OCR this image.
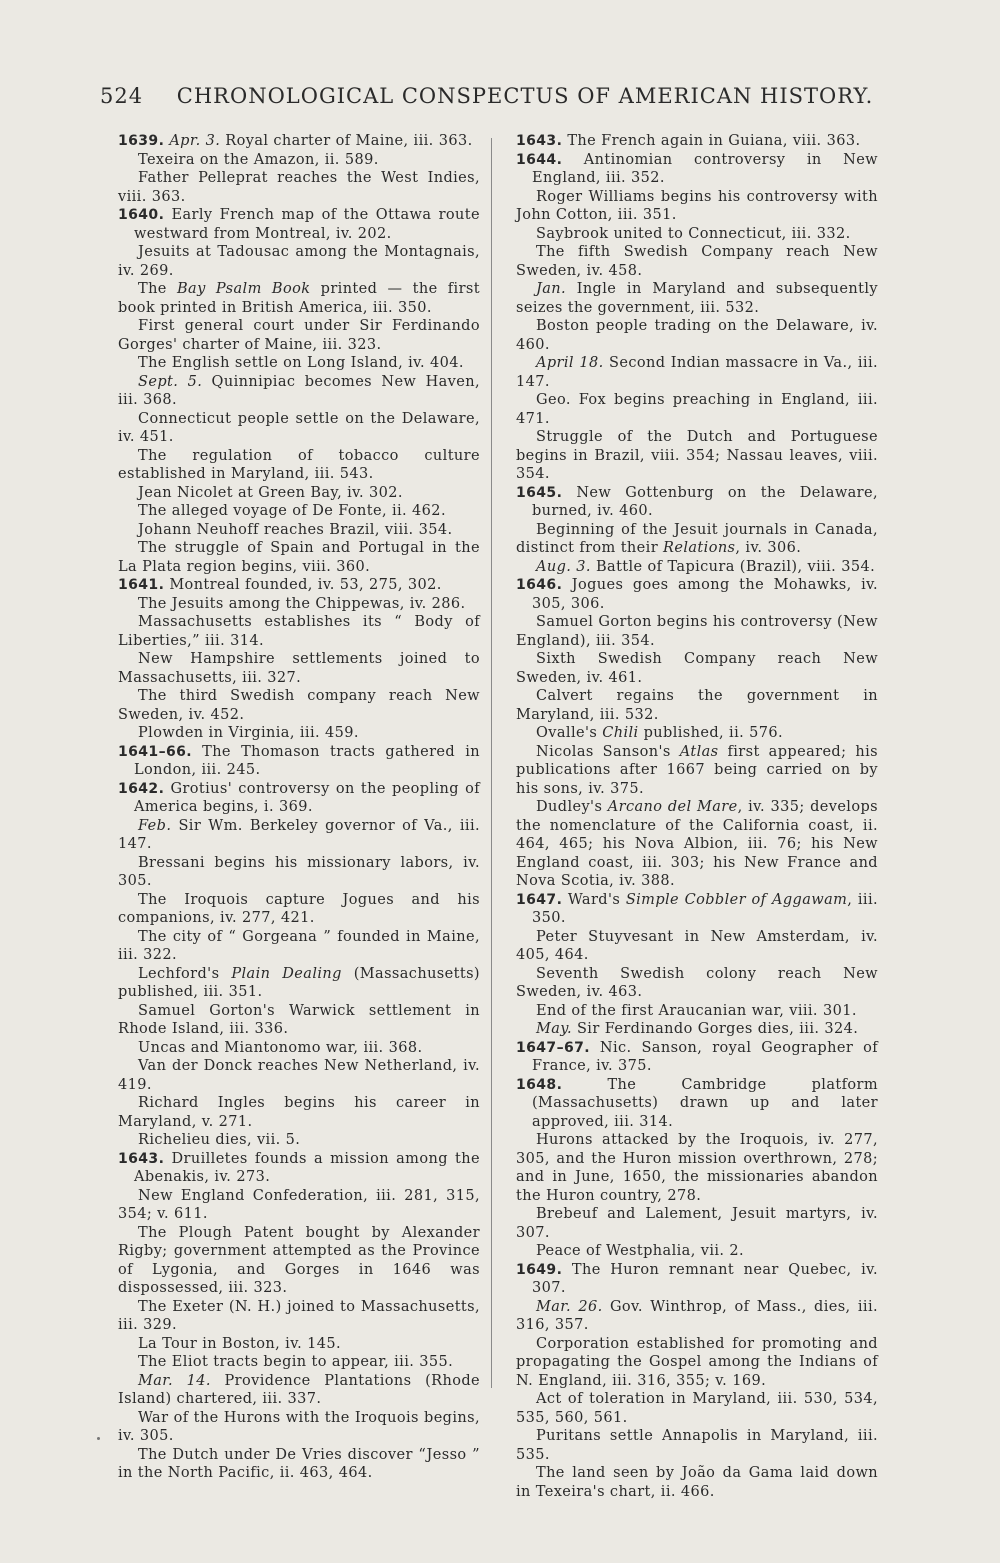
524 CHRONOLOGICAL CONSPECTUS OF AMERICAN HISTORY.

1639. Apr. 3. Royal charter of Maine, iii. 363.

Texeira on the Amazon, ii. 589.

Father Pelleprat reaches the West Indies, viii. 363.

1640. Early French map of the Ottawa route westward from Montreal, iv. 202.

Jesuits at Tadousac among the Montagnais, iv. 269.

The Bay Psalm Book printed — the first book printed in British America, iii. 350.

First general court under Sir Ferdinando Gorges' charter of Maine, iii. 323.

The English settle on Long Island, iv. 404.

Sept. 5. Quinnipiac becomes New Haven, iii. 368.

Connecticut people settle on the Delaware, iv. 451.

The regulation of tobacco culture established in Maryland, iii. 543.

Jean Nicolet at Green Bay, iv. 302.

The alleged voyage of De Fonte, ii. 462.

Johann Neuhoff reaches Brazil, viii. 354.

The struggle of Spain and Portugal in the La Plata region begins, viii. 360.

1641. Montreal founded, iv. 53, 275, 302.

The Jesuits among the Chippewas, iv. 286.

Massachusetts establishes its “ Body of Liberties,” iii. 314.

New Hampshire settlements joined to Massachusetts, iii. 327.

The third Swedish company reach New Sweden, iv. 452.

Plowden in Virginia, iii. 459.

1641–66. The Thomason tracts gathered in London, iii. 245.

1642. Grotius' controversy on the peopling of America begins, i. 369.

Feb. Sir Wm. Berkeley governor of Va., iii. 147.

Bressani begins his missionary labors, iv. 305.

The Iroquois capture Jogues and his companions, iv. 277, 421.

The city of “ Gorgeana ” founded in Maine, iii. 322.

Lechford's Plain Dealing (Massachusetts) published, iii. 351.

Samuel Gorton's Warwick settlement in Rhode Island, iii. 336.

Uncas and Miantonomo war, iii. 368.

Van der Donck reaches New Netherland, iv. 419.

Richard Ingles begins his career in Maryland, v. 271.

Richelieu dies, vii. 5.

1643. Druilletes founds a mission among the Abenakis, iv. 273.

New England Confederation, iii. 281, 315, 354; v. 611.

The Plough Patent bought by Alexander Rigby; government attempted as the Province of Lygonia, and Gorges in 1646 was dispossessed, iii. 323.

The Exeter (N. H.) joined to Massachusetts, iii. 329.

La Tour in Boston, iv. 145.

The Eliot tracts begin to appear, iii. 355.

Mar. 14. Providence Plantations (Rhode Island) chartered, iii. 337.

War of the Hurons with the Iroquois begins, iv. 305.

The Dutch under De Vries discover “Jesso ” in the North Pacific, ii. 463, 464.

1643. The French again in Guiana, viii. 363.

1644. Antinomian controversy in New England, iii. 352.

Roger Williams begins his controversy with John Cotton, iii. 351.

Saybrook united to Connecticut, iii. 332.

The fifth Swedish Company reach New Sweden, iv. 458.

Jan. Ingle in Maryland and subsequently seizes the government, iii. 532.

Boston people trading on the Delaware, iv. 460.

April 18. Second Indian massacre in Va., iii. 147.

Geo. Fox begins preaching in England, iii. 471.

Struggle of the Dutch and Portuguese begins in Brazil, viii. 354; Nassau leaves, viii. 354.

1645. New Gottenburg on the Delaware, burned, iv. 460.

Beginning of the Jesuit journals in Canada, distinct from their Relations, iv. 306.

Aug. 3. Battle of Tapicura (Brazil), viii. 354.

1646. Jogues goes among the Mohawks, iv. 305, 306.

Samuel Gorton begins his controversy (New England), iii. 354.

Sixth Swedish Company reach New Sweden, iv. 461.

Calvert regains the government in Maryland, iii. 532.

Ovalle's Chili published, ii. 576.

Nicolas Sanson's Atlas first appeared; his publications after 1667 being carried on by his sons, iv. 375.

Dudley's Arcano del Mare, iv. 335; develops the nomenclature of the California coast, ii. 464, 465; his Nova Albion, iii. 76; his New England coast, iii. 303; his New France and Nova Scotia, iv. 388.

1647. Ward's Simple Cobbler of Aggawam, iii. 350.

Peter Stuyvesant in New Amsterdam, iv. 405, 464.

Seventh Swedish colony reach New Sweden, iv. 463.

End of the first Araucanian war, viii. 301.

May. Sir Ferdinando Gorges dies, iii. 324.

1647–67. Nic. Sanson, royal Geographer of France, iv. 375.

1648.	The Cambridge platform (Massachusetts) drawn up and later approved, iii. 314.

Hurons attacked by the Iroquois, iv. 277, 305, and the Huron mission overthrown, 278; and in June, 1650, the missionaries abandon the Huron country, 278.

Brebeuf and Lalement, Jesuit martyrs, iv. 307.

Peace of Westphalia, vii. 2.

1649. The Huron remnant near Quebec, iv. 307.

Mar. 26. Gov. Winthrop, of Mass., dies, iii. 316, 357.

Corporation established for promoting and propagating the Gospel among the Indians of N. England, iii. 316, 355; v. 169.

Act of toleration in Maryland, iii. 530, 534, 535, 560, 561.

Puritans settle Annapolis in Maryland, iii. 535.

The land seen by João da Gama laid down in Texeira's chart, ii. 466.
